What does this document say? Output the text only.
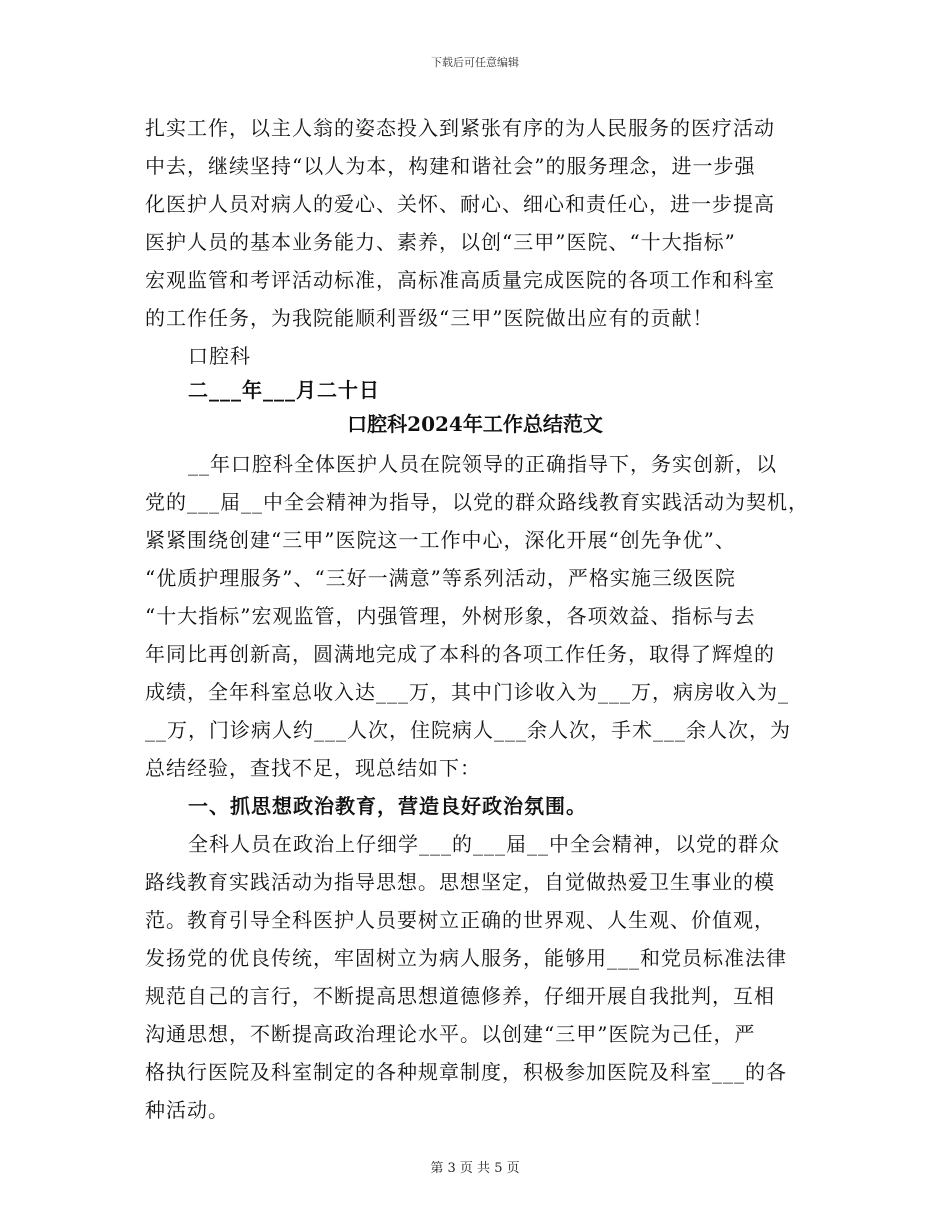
下载后可任意编辑
扎实工作，以主人翁的姿态投入到紧张有序的为人民服务的医疗活动
中去，继续坚持“以人为本，构建和谐社会”的服务理念，进一步强
化医护人员对病人的爱心、关怀、耐心、细心和责任心，进一步提高
医护人员的基本业务能力、素养，以创“三甲”医院、“十大指标”
宏观监管和考评活动标准，高标准高质量完成医院的各项工作和科室
的工作任务，为我院能顺利晋级“三甲”医院做出应有的贡献！
口腔科
二___年___月二十日
口腔科2024年工作总结范文
__年口腔科全体医护人员在院领导的正确指导下，务实创新，以
党的___届__中全会精神为指导，以党的群众路线教育实践活动为契机，
紧紧围绕创建“三甲”医院这一工作中心，深化开展“创先争优”、
“优质护理服务”、“三好一满意”等系列活动，严格实施三级医院
“十大指标”宏观监管，内强管理，外树形象，各项效益、指标与去
年同比再创新高，圆满地完成了本科的各项工作任务，取得了辉煌的
成绩，全年科室总收入达___万，其中门诊收入为___万，病房收入为_
__万，门诊病人约___人次，住院病人___余人次，手术___余人次，为
总结经验，查找不足，现总结如下：
一、抓思想政治教育，营造良好政治氛围。
全科人员在政治上仔细学___的___届__中全会精神，以党的群众
路线教育实践活动为指导思想。思想坚定，自觉做热爱卫生事业的模
范。教育引导全科医护人员要树立正确的世界观、人生观、价值观，
发扬党的优良传统，牢固树立为病人服务，能够用___和党员标准法律
规范自己的言行，不断提高思想道德修养，仔细开展自我批判，互相
沟通思想，不断提高政治理论水平。以创建“三甲”医院为己任，严
格执行医院及科室制定的各种规章制度，积极参加医院及科室___的各
种活动。
第 3 页 共 5 页
